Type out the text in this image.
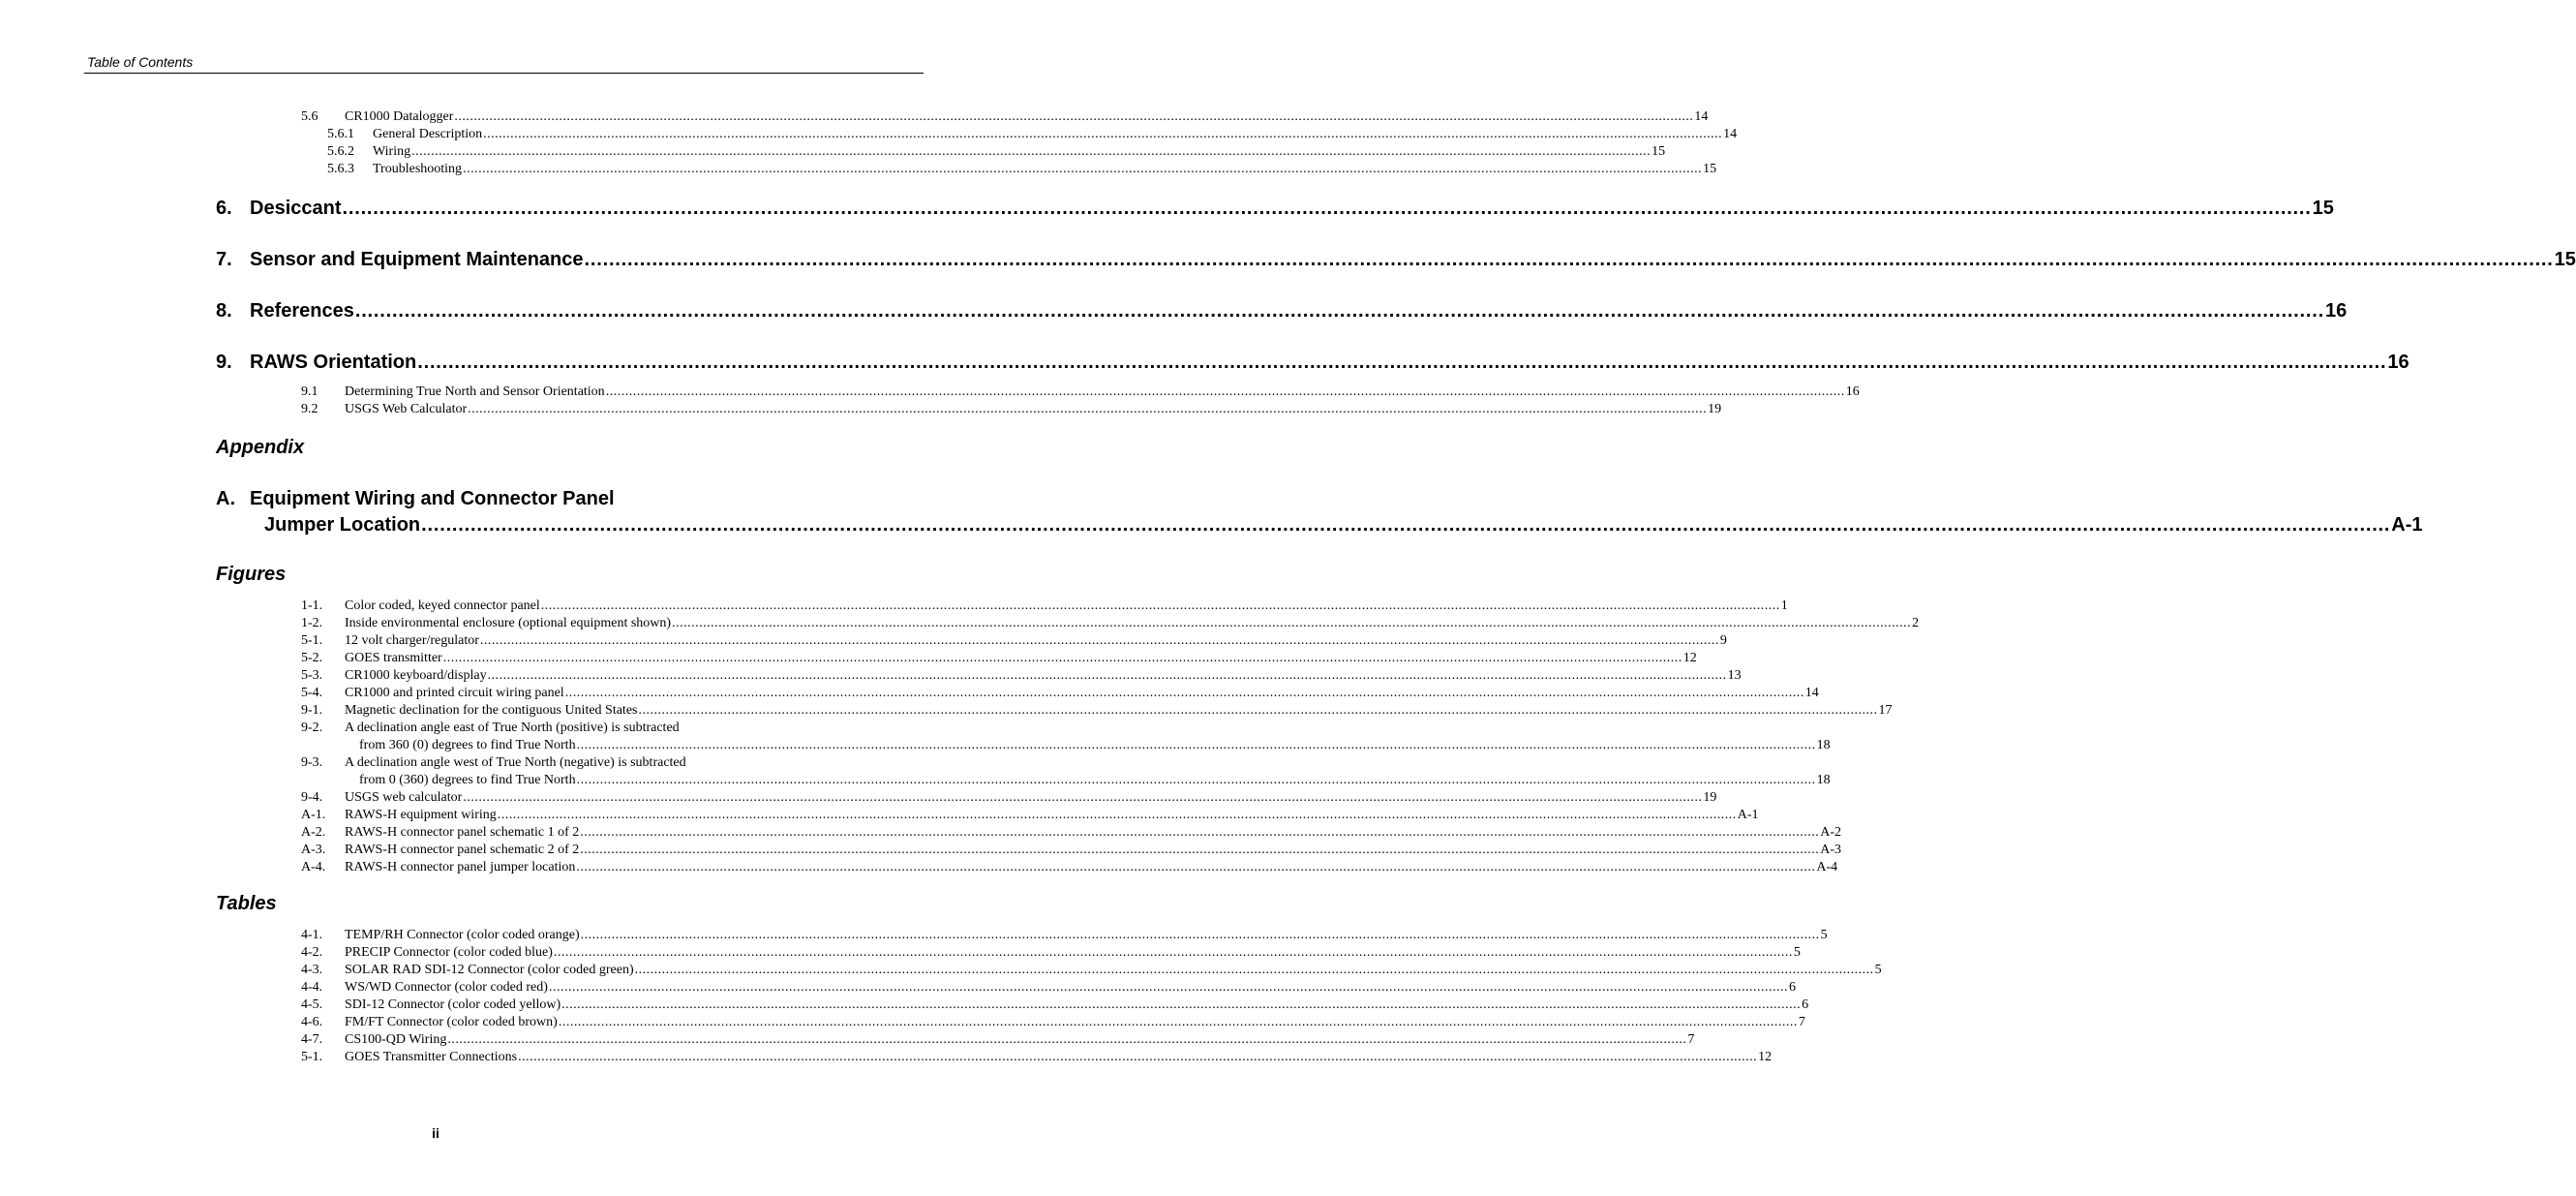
Table of Contents
5.6 CR1000 Datalogger .....	14
5.6.1 General Description .....	14
5.6.2 Wiring .....	15
5.6.3 Troubleshooting .....	15
6. Desiccant .....	15
7. Sensor and Equipment Maintenance .....	15
8. References .....	16
9. RAWS Orientation .....	16
9.1 Determining True North and Sensor Orientation .....	16
9.2 USGS Web Calculator .....	19
Appendix
A. Equipment Wiring and Connector Panel
Jumper Location .....	A-1
Figures
1-1. Color coded, keyed connector panel .....	1
1-2. Inside environmental enclosure (optional equipment shown) .....	2
5-1. 12 volt charger/regulator .....	9
5-2. GOES transmitter .....	12
5-3. CR1000 keyboard/display .....	13
5-4. CR1000 and printed circuit wiring panel .....	14
9-1. Magnetic declination for the contiguous United States .....	17
9-2. A declination angle east of True North (positive) is subtracted
from 360 (0) degrees to find True North .....	18
9-3. A declination angle west of True North (negative) is subtracted
from 0 (360) degrees to find True North .....	18
9-4. USGS web calculator .....	19
A-1. RAWS-H equipment wiring .....	A-1
A-2. RAWS-H connector panel schematic 1 of 2 .....	A-2
A-3. RAWS-H connector panel schematic 2 of 2 .....	A-3
A-4. RAWS-H connector panel jumper location .....	A-4
Tables
4-1. TEMP/RH Connector (color coded orange) .....	5
4-2. PRECIP Connector (color coded blue) .....	5
4-3. SOLAR RAD SDI-12 Connector (color coded green) .....	5
4-4. WS/WD Connector (color coded red) .....	6
4-5. SDI-12 Connector (color coded yellow) .....	6
4-6. FM/FT Connector (color coded brown) .....	7
4-7. CS100-QD Wiring .....	7
5-1. GOES Transmitter Connections .....	12
ii
